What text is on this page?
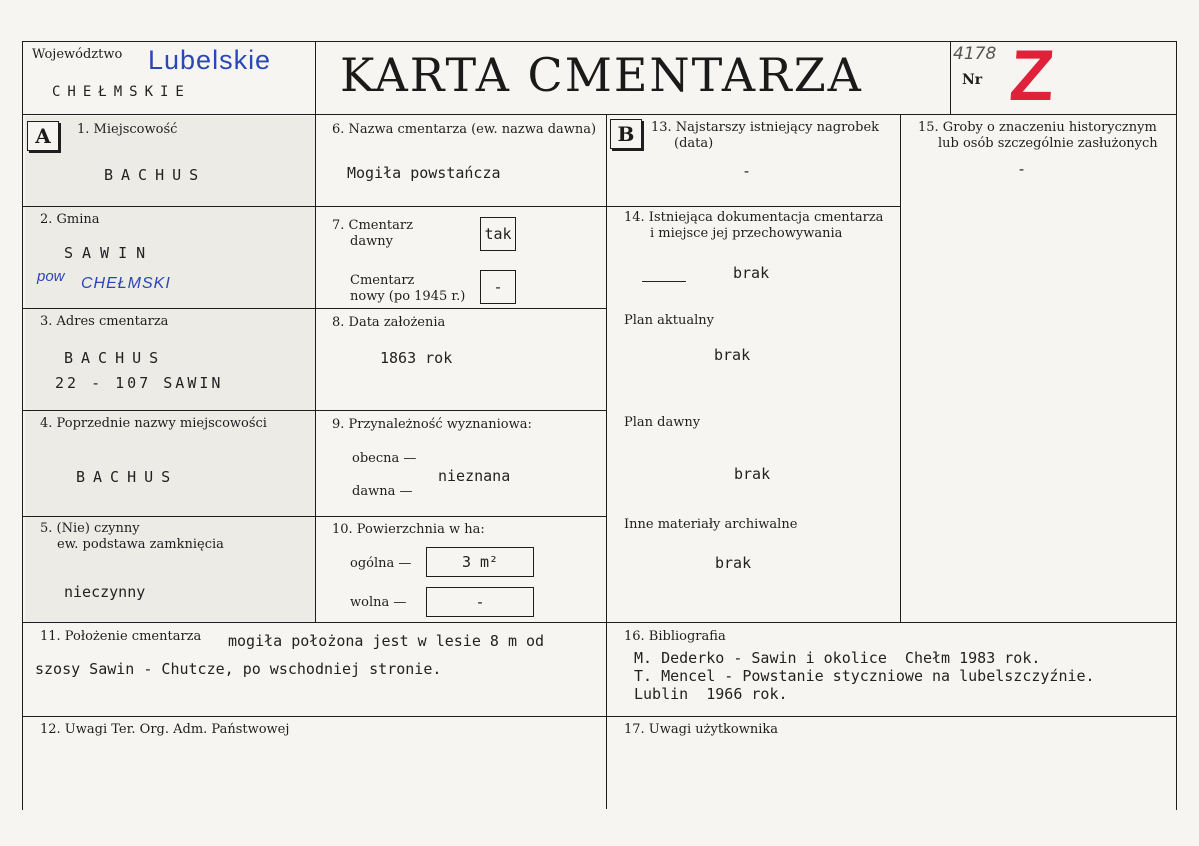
Województwo Lubelskie
CHEŁMSKIE	KARTA CMENTARZA	4178
Nr Z
A	B
1. Miejscowość
BACHUS
2. Gmina
SAWIN
pow CHEŁMSKI
3. Adres cmentarza
BACHUS
22 - 107 SAWIN
4. Poprzednie nazwy miejscowości
BACHUS
5. (Nie) czynny
ew. podstawa zamknięcia
nieczynny
6. Nazwa cmentarza (ew. nazwa dawna)
Mogiła powstańcza
7. Cmentarz
dawny	tak
Cmentarz
nowy (po 1945 r.)
-
8. Data założenia
1863 rok
9. Przynależność wyznaniowa:
obecna —
dawna —
nieznana
10. Powierzchnia w ha:
ogólna —	3 m²
wolna —	-
13. Najstarszy istniejący nagrobek
(data)
-
14. Istniejąca dokumentacja cmentarza
i miejsce jej przechowywania
brak
Plan aktualny
brak
Plan dawny
brak
Inne materiały archiwalne
brak
15. Groby o znaczeniu historycznym
lub osób szczególnie zasłużonych
-
11. Położenie cmentarza mogiła położona jest w lesie 8 m od
szosy Sawin - Chutcze, po wschodniej stronie.
16. Bibliografia
M. Dederko - Sawin i okolice  Chełm 1983 rok.
T. Mencel - Powstanie styczniowe na lubelszczyźnie.
Lublin  1966 rok.
12. Uwagi Ter. Org. Adm. Państwowej	17. Uwagi użytkownika
